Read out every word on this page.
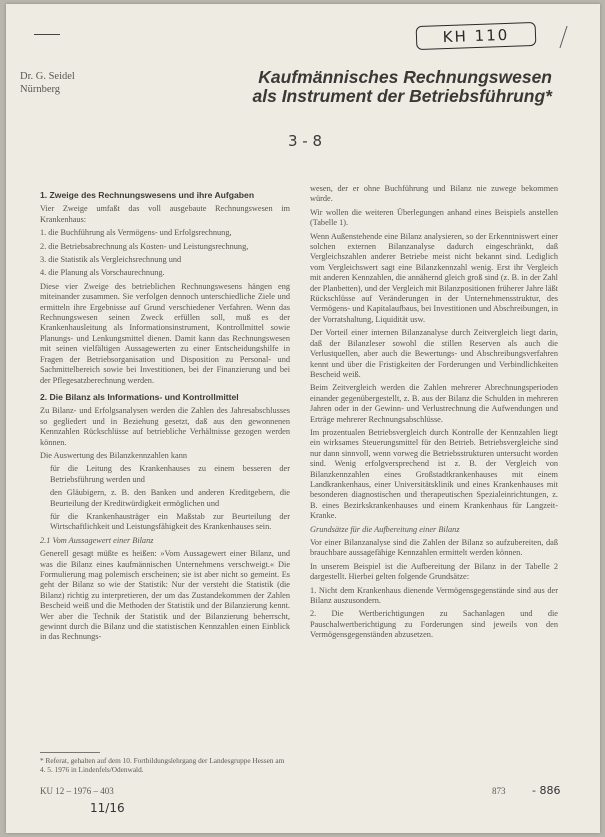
KH 110
Dr. G. Seidel
Nürnberg
Kaufmännisches Rechnungswesen
als Instrument der Betriebsführung*
3 - 8
1. Zweige des Rechnungswesens und ihre Aufgaben

Vier Zweige umfaßt das voll ausgebaute Rechnungswesen im Krankenhaus:

1. die Buchführung als Vermögens- und Erfolgsrechnung,

2. die Betriebsabrechnung als Kosten- und Leistungsrechnung,

3. die Statistik als Vergleichsrechnung und

4. die Planung als Vorschaurechnung.

Diese vier Zweige des betrieblichen Rechnungswesens hängen eng miteinander zusammen. Sie verfolgen dennoch unterschiedliche Ziele und ermitteln ihre Ergebnisse auf Grund verschiedener Verfahren. Wenn das Rechnungswesen seinen Zweck erfüllen soll, muß es der Krankenhausleitung als Informationsinstrument, Kontrollmittel sowie Planungs- und Lenkungsmittel dienen. Damit kann das Rechnungswesen mit seinen vielfältigen Aussagewerten zu einer Entscheidungshilfe in Fragen der Betriebsorganisation und Disposition zu Personal- und Sachmittelbereich sowie bei Investitionen, bei der Finanzierung und bei der Pflegesatzberechnung werden.

2. Die Bilanz als Informations- und Kontrollmittel

Zu Bilanz- und Erfolgsanalysen werden die Zahlen des Jahresabschlusses so gegliedert und in Beziehung gesetzt, daß aus den gewonnenen Kennzahlen Rückschlüsse auf betriebliche Verhältnisse gezogen werden können.

Die Auswertung des Bilanzkennzahlen kann

für die Leitung des Krankenhauses zu einem besseren der Betriebsführung werden und

den Gläubigern, z. B. den Banken und anderen Kreditgebern, die Beurteilung der Kreditwürdigkeit ermöglichen und

für die Krankenhausträger ein Maßstab zur Beurteilung der Wirtschaftlichkeit und Leistungsfähigkeit des Krankenhauses sein.

2.1 Vom Aussagewert einer Bilanz

Generell gesagt müßte es heißen: »Vom Aussagewert einer Bilanz, und was die Bilanz eines kaufmännischen Unternehmens verschweigt.« Die Formulierung mag polemisch erscheinen; sie ist aber nicht so gemeint. Es geht der Bilanz so wie der Statistik: Nur der versteht die Statistik (die Bilanz) richtig zu interpretieren, der um das Zustandekommen der Zahlen Bescheid weiß und die Methoden der Statistik und der Bilanzierung kennt. Wer aber die Technik der Statistik und der Bilanzierung beherrscht, gewinnt durch die Bilanz und die statistischen Kennzahlen einen Einblick in das Rechnungs-

wesen, der er ohne Buchführung und Bilanz nie zuwege bekommen würde.

Wir wollen die weiteren Überlegungen anhand eines Beispiels anstellen (Tabelle 1).

Wenn Außenstehende eine Bilanz analysieren, so der Erkenntniswert einer solchen externen Bilanzanalyse dadurch eingeschränkt, daß Vergleichszahlen anderer Betriebe meist nicht bekannt sind. Lediglich vom Vergleichswert sagt eine Bilanzkennzahl wenig. Erst ihr Vergleich mit anderen Kennzahlen, die annähernd gleich groß sind (z. B. in der Zahl der Planbetten), und der Vergleich mit Bilanzpositionen früherer Jahre läßt Rückschlüsse auf Veränderungen in der Unternehmensstruktur, des Vermögens- und Kapitalaufbaus, bei Investitionen und Abschreibungen, in der Vorratshaltung, Liquidität usw.

Der Vorteil einer internen Bilanzanalyse durch Zeitvergleich liegt darin, daß der Bilanzleser sowohl die stillen Reserven als auch die Verlustquellen, aber auch die Bewertungs- und Abschreibungsverfahren kennt und über die Fristigkeiten der Forderungen und Verbindlichkeiten Bescheid weiß.

Beim Zeitvergleich werden die Zahlen mehrerer Abrechnungsperioden einander gegenübergestellt, z. B. aus der Bilanz die Schulden in mehreren Jahren oder in der Gewinn- und Verlustrechnung die Aufwendungen und Erträge mehrerer Rechnungsabschlüsse.

Im prozentualen Betriebsvergleich durch Kontrolle der Kennzahlen liegt ein wirksames Steuerungsmittel für den Betrieb. Betriebsvergleiche sind nur dann sinnvoll, wenn vorweg die Betriebsstrukturen untersucht worden sind. Wenig erfolgversprechend ist z. B. der Vergleich von Bilanzkennzahlen eines Großstadtkrankenhauses mit einem Landkrankenhaus, einer Universitätsklinik und eines Krankenhauses mit besonderen diagnostischen und therapeutischen Spezialeinrichtungen, z. B. eines Bezirkskrankenhauses und einem Krankenhaus für Langzeit-Kranke.

Grundsätze für die Aufbereitung einer Bilanz

Vor einer Bilanzanalyse sind die Zahlen der Bilanz so aufzubereiten, daß brauchbare aussagefähige Kennzahlen ermittelt werden können.

In unserem Beispiel ist die Aufbereitung der Bilanz in der Tabelle 2 dargestellt. Hierbei gelten folgende Grundsätze:

1. Nicht dem Krankenhaus dienende Vermögensgegenstände sind aus der Bilanz auszusondern.

2. Die Wertberichtigungen zu Sachanlagen und die Pauschalwertberichtigung zu Forderungen sind jeweils von den Vermögensgegenständen abzusetzen.

* Referat, gehalten auf dem 10. Fortbildungslehrgang der Landesgruppe Hessen am 4. 5. 1976 in Lindenfels/Odenwald.
KU 12 – 1976 – 403	873
11/16
- 886
